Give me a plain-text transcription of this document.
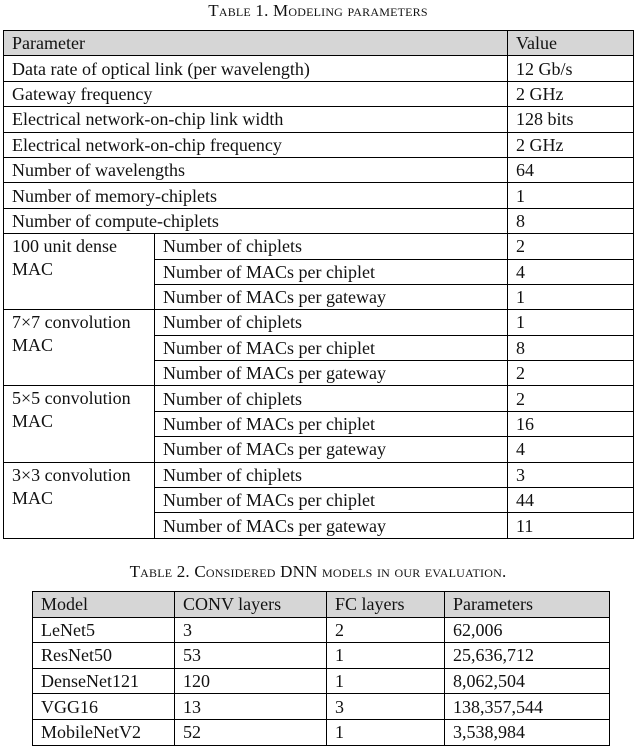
Table 1. Modeling parameters
Parameter		Value
Data rate of optical link (per wavelength)		12 Gb/s
Gateway frequency		2 GHz
Electrical network-on-chip link width		128 bits
Electrical network-on-chip frequency		2 GHz
Number of wavelengths		64
Number of memory-chiplets		1
Number of compute-chiplets		8
100 unit dense MAC	Number of chiplets	2
	Number of MACs per chiplet	4
	Number of MACs per gateway	1
7×7 convolution MAC	Number of chiplets	1
	Number of MACs per chiplet	8
	Number of MACs per gateway	2
5×5 convolution MAC	Number of chiplets	2
	Number of MACs per chiplet	16
	Number of MACs per gateway	4
3×3 convolution MAC	Number of chiplets	3
	Number of MACs per chiplet	44
	Number of MACs per gateway	11
Table 2. Considered DNN models in our evaluation.
Model	CONV layers	FC layers	Parameters
LeNet5	3	2	62,006
ResNet50	53	1	25,636,712
DenseNet121	120	1	8,062,504
VGG16	13	3	138,357,544
MobileNetV2	52	1	3,538,984
